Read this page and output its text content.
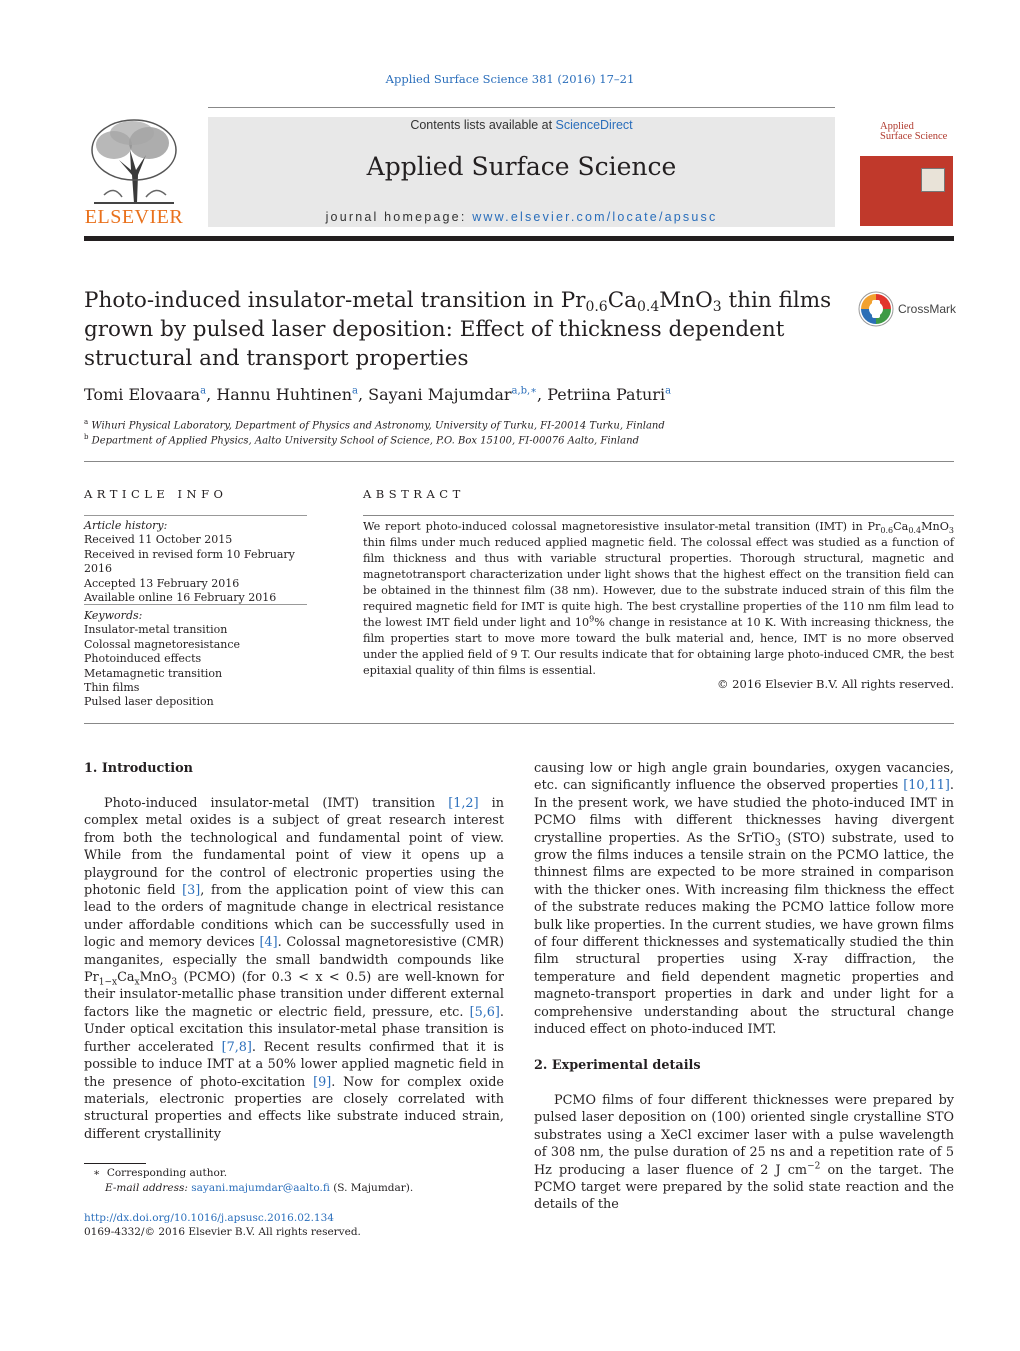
Applied Surface Science 381 (2016) 17–21
ELSEVIER
Contents lists available at ScienceDirect
Applied Surface Science
journal homepage: www.elsevier.com/locate/apsusc
Applied
Surface Science
Photo-induced insulator-metal transition in $Pr_{0.6}Ca_{0.4}MnO_3$ thin films
grown by pulsed laser deposition: Effect of thickness dependent
structural and transport properties
CrossMark
Tomi Elovaara$^a$, Hannu Huhtinen$^a$, Sayani Majumdar$^{a,b,∗}$, Petriina Paturi$^a$
$^a$ Wihuri Physical Laboratory, Department of Physics and Astronomy, University of Turku, FI-20014 Turku, Finland
$^b$ Department of Applied Physics, Aalto University School of Science, P.O. Box 15100, FI-00076 Aalto, Finland
ARTICLE INFO
Article history:
Received 11 October 2015
Received in revised form 10 February 2016
Accepted 13 February 2016
Available online 16 February 2016
Keywords:
Insulator-metal transition
Colossal magnetoresistance
Photoinduced effects
Metamagnetic transition
Thin films
Pulsed laser deposition
ABSTRACT
We report photo-induced colossal magnetoresistive insulator-metal transition (IMT) in $Pr_{0.6}Ca_{0.4}MnO_3$ thin films under much reduced applied magnetic field. The colossal effect was studied as a function of film thickness and thus with variable structural properties. Thorough structural, magnetic and magnetotransport characterization under light shows that the highest effect on the transition field can be obtained in the thinnest film (38 nm). However, due to the substrate induced strain of this film the required magnetic field for IMT is quite high. The best crystalline properties of the 110 nm film lead to the lowest IMT field under light and $10^9\%$ change in resistance at 10 K. With increasing thickness, the film properties start to move more toward the bulk material and, hence, IMT is no more observed under the applied field of 9 T. Our results indicate that for obtaining large photo-induced CMR, the best epitaxial quality of thin films is essential.
© 2016 Elsevier B.V. All rights reserved.
1. Introduction

Photo-induced insulator-metal (IMT) transition [1,2] in complex metal oxides is a subject of great research interest from both the technological and fundamental point of view. While from the fundamental point of view it opens up a playground for the control of electronic properties using the photonic field [3], from the application point of view this can lead to the orders of magnitude change in electrical resistance under affordable conditions which can be successfully used in logic and memory devices [4]. Colossal magnetoresistive (CMR) manganites, especially the small bandwidth compounds like $Pr_{1-x}Ca_xMnO_3$ (PCMO) (for 0.3 < x < 0.5) are well-known for their insulator-metallic phase transition under different external factors like the magnetic or electric field, pressure, etc. [5,6]. Under optical excitation this insulator-metal phase transition is further accelerated [7,8]. Recent results confirmed that it is possible to induce IMT at a 50% lower applied magnetic field in the presence of photo-excitation [9]. Now for complex oxide materials, electronic properties are closely correlated with structural properties and effects like substrate induced strain, different crystallinity

causing low or high angle grain boundaries, oxygen vacancies, etc. can significantly influence the observed properties [10,11]. In the present work, we have studied the photo-induced IMT in PCMO films with different thicknesses having divergent crystalline properties. As the SrTiO$_3$ (STO) substrate, used to grow the films induces a tensile strain on the PCMO lattice, the thinnest films are expected to be more strained in comparison with the thicker ones. With increasing film thickness the effect of the substrate reduces making the PCMO lattice follow more bulk like properties. In the current studies, we have grown films of four different thicknesses and systematically studied the thin film structural properties using X-ray diffraction, the temperature and field dependent magnetic properties and magneto-transport properties in dark and under light for a comprehensive understanding about the structural change induced effect on photo-induced IMT.

2. Experimental details

PCMO films of four different thicknesses were prepared by pulsed laser deposition on (100) oriented single crystalline STO substrates using a XeCl excimer laser with a pulse wavelength of 308 nm, the pulse duration of 25 ns and a repetition rate of 5 Hz producing a laser fluence of 2 J $cm^{-2}$ on the target. The PCMO target were prepared by the solid state reaction and the details of the

∗ Corresponding author.
E-mail address: sayani.majumdar@aalto.fi (S. Majumdar).
http://dx.doi.org/10.1016/j.apsusc.2016.02.134
0169-4332/© 2016 Elsevier B.V. All rights reserved.
